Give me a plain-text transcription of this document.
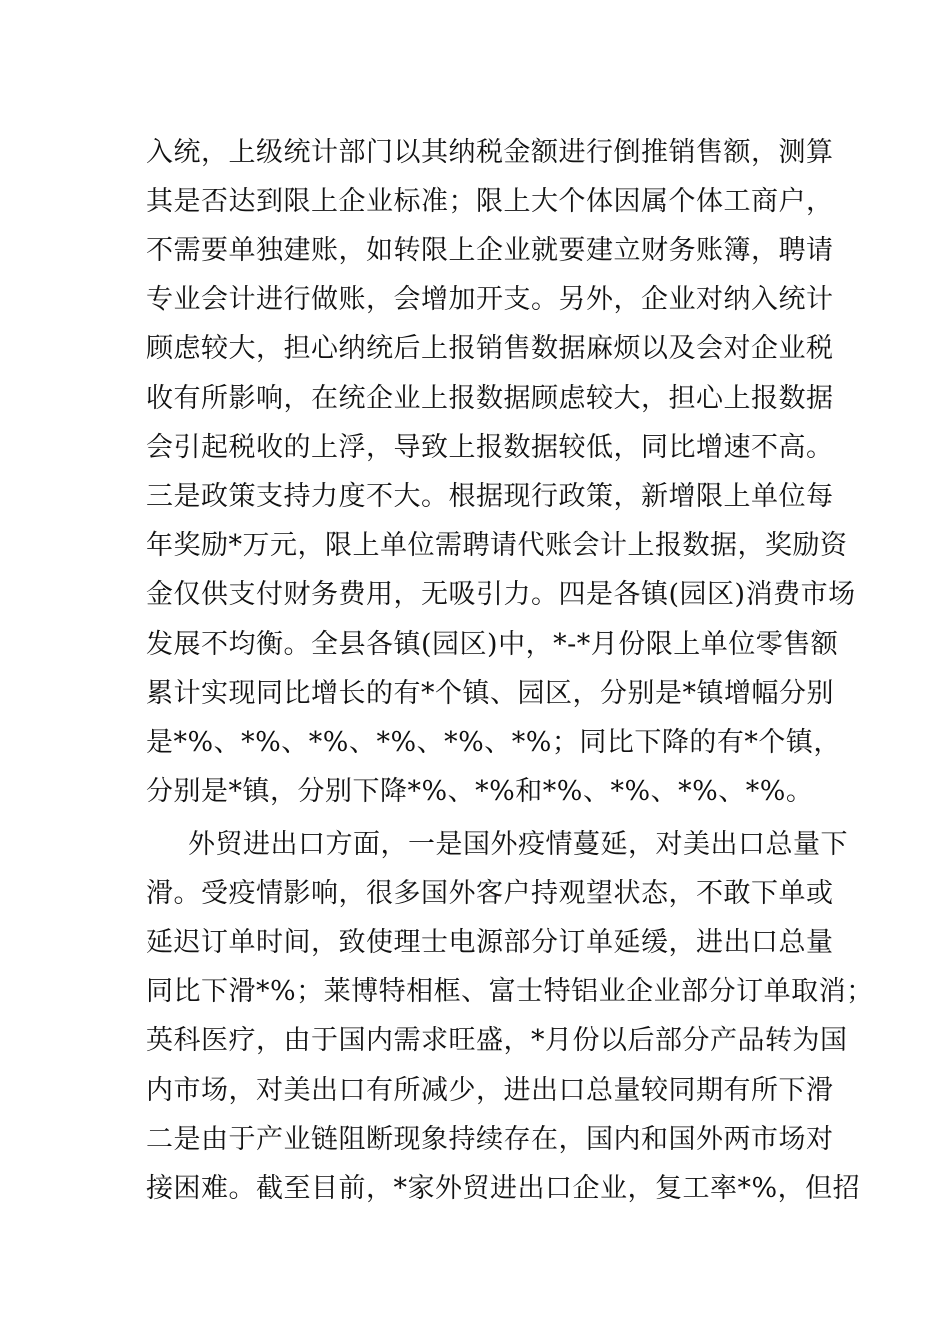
入统，上级统计部门以其纳税金额进行倒推销售额，测算
其是否达到限上企业标准；限上大个体因属个体工商户，
不需要单独建账，如转限上企业就要建立财务账簿，聘请
专业会计进行做账，会增加开支。另外，企业对纳入统计
顾虑较大，担心纳统后上报销售数据麻烦以及会对企业税
收有所影响，在统企业上报数据顾虑较大，担心上报数据
会引起税收的上浮，导致上报数据较低，同比增速不高。
三是政策支持力度不大。根据现行政策，新增限上单位每
年奖励*万元，限上单位需聘请代账会计上报数据，奖励资
金仅供支付财务费用，无吸引力。四是各镇(园区)消费市场
发展不均衡。全县各镇(园区)中，*-*月份限上单位零售额
累计实现同比增长的有*个镇、园区，分别是*镇增幅分别
是*%、*%、*%、*%、*%、*%；同比下降的有*个镇，
分别是*镇，分别下降*%、*%和*%、*%、*%、*%。
外贸进出口方面，一是国外疫情蔓延，对美出口总量下
滑。受疫情影响，很多国外客户持观望状态，不敢下单或
延迟订单时间，致使理士电源部分订单延缓，进出口总量
同比下滑*%；莱博特相框、富士特铝业企业部分订单取消；
英科医疗，由于国内需求旺盛，*月份以后部分产品转为国
内市场，对美出口有所减少，进出口总量较同期有所下滑
二是由于产业链阻断现象持续存在，国内和国外两市场对
接困难。截至目前，*家外贸进出口企业，复工率*%，但招
